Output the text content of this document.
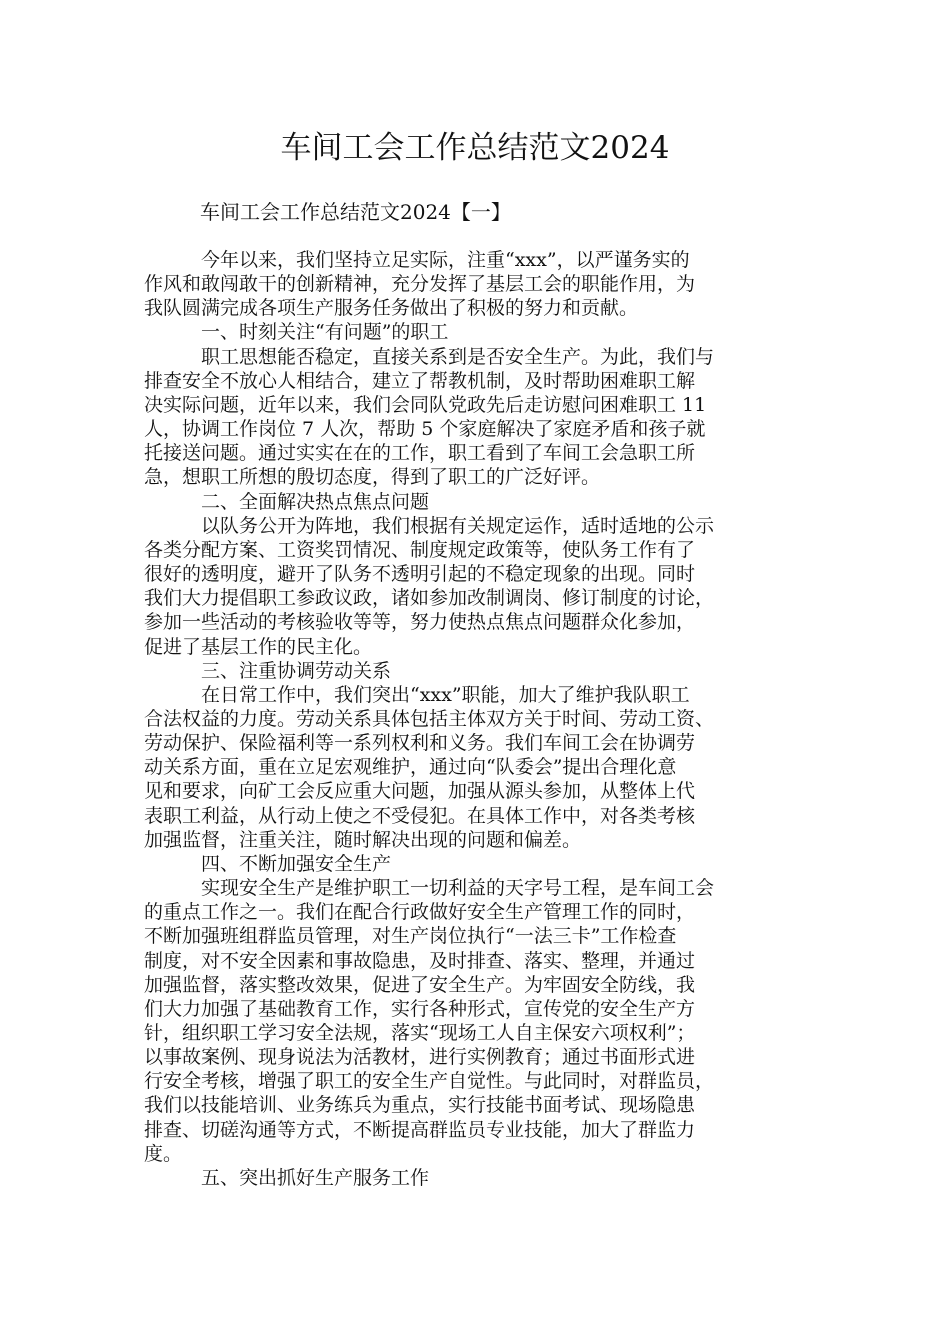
车间工会工作总结范文2024
车间工会工作总结范文2024【一】
今年以来，我们坚持立足实际，注重“xxx”，以严谨务实的
作风和敢闯敢干的创新精神，充分发挥了基层工会的职能作用，为
我队圆满完成各项生产服务任务做出了积极的努力和贡献。
一、时刻关注“有问题”的职工
职工思想能否稳定，直接关系到是否安全生产。为此，我们与
排查安全不放心人相结合，建立了帮教机制，及时帮助困难职工解
决实际问题，近年以来，我们会同队党政先后走访慰问困难职工 11
人，协调工作岗位 7 人次，帮助 5 个家庭解决了家庭矛盾和孩子就
托接送问题。通过实实在在的工作，职工看到了车间工会急职工所
急，想职工所想的殷切态度，得到了职工的广泛好评。
二、全面解决热点焦点问题
以队务公开为阵地，我们根据有关规定运作，适时适地的公示
各类分配方案、工资奖罚情况、制度规定政策等，使队务工作有了
很好的透明度，避开了队务不透明引起的不稳定现象的出现。同时
我们大力提倡职工参政议政，诸如参加改制调岗、修订制度的讨论，
参加一些活动的考核验收等等，努力使热点焦点问题群众化参加，
促进了基层工作的民主化。
三、注重协调劳动关系
在日常工作中，我们突出“xxx”职能，加大了维护我队职工
合法权益的力度。劳动关系具体包括主体双方关于时间、劳动工资、
劳动保护、保险福利等一系列权利和义务。我们车间工会在协调劳
动关系方面，重在立足宏观维护，通过向“队委会”提出合理化意
见和要求，向矿工会反应重大问题，加强从源头参加，从整体上代
表职工利益，从行动上使之不受侵犯。在具体工作中，对各类考核
加强监督，注重关注，随时解决出现的问题和偏差。
四、不断加强安全生产
实现安全生产是维护职工一切利益的天字号工程，是车间工会
的重点工作之一。我们在配合行政做好安全生产管理工作的同时，
不断加强班组群监员管理，对生产岗位执行“一法三卡”工作检查
制度，对不安全因素和事故隐患，及时排查、落实、整理，并通过
加强监督，落实整改效果，促进了安全生产。为牢固安全防线，我
们大力加强了基础教育工作，实行各种形式，宣传党的安全生产方
针，组织职工学习安全法规，落实“现场工人自主保安六项权利”；
以事故案例、现身说法为活教材，进行实例教育；通过书面形式进
行安全考核，增强了职工的安全生产自觉性。与此同时，对群监员，
我们以技能培训、业务练兵为重点，实行技能书面考试、现场隐患
排查、切磋沟通等方式，不断提高群监员专业技能，加大了群监力
度。
五、突出抓好生产服务工作
